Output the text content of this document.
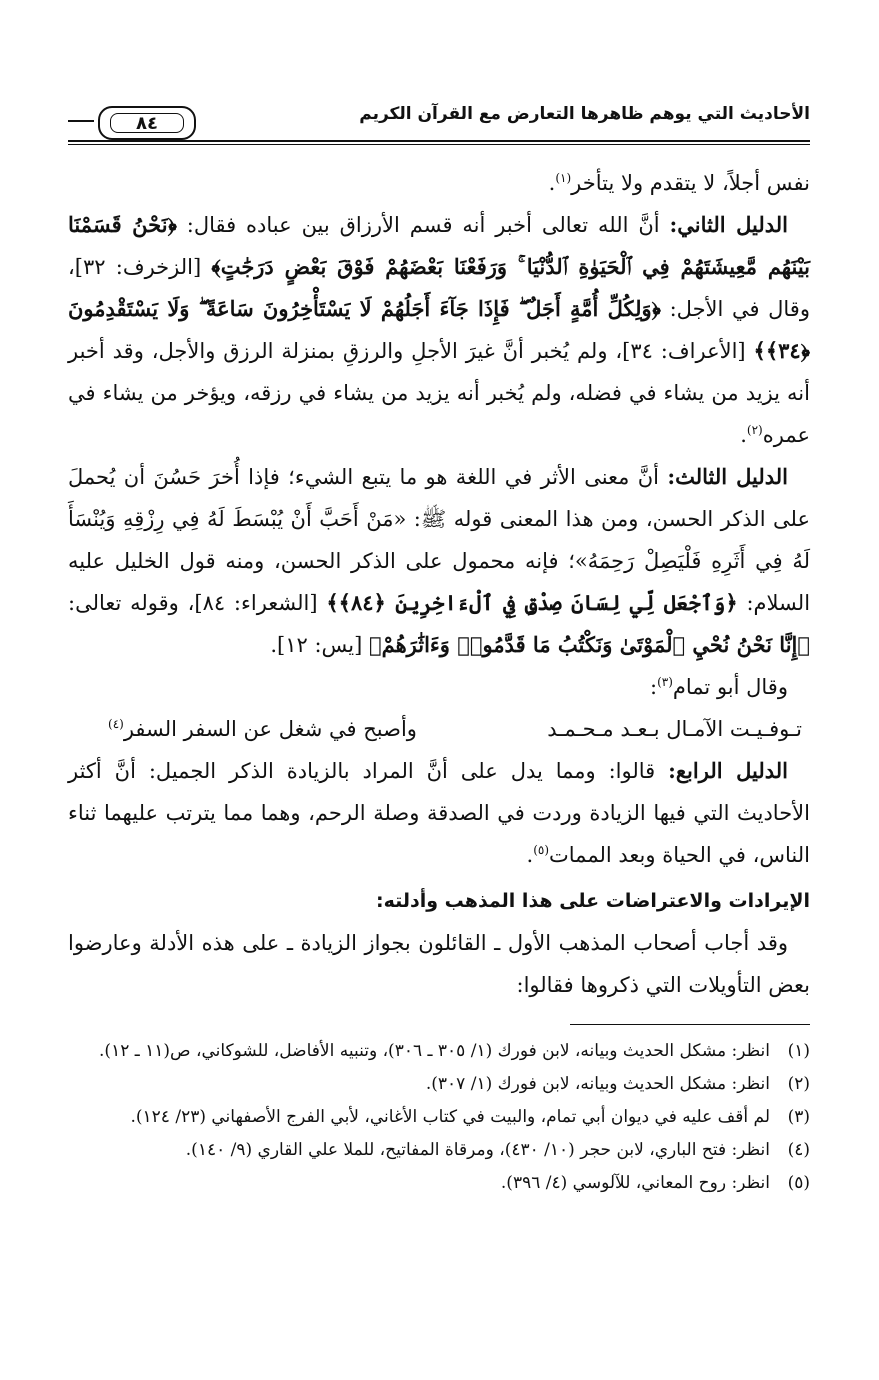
الأحاديث التي يوهم ظاهرها التعارض مع القرآن الكريم
٨٤

نفس أجلاً، لا يتقدم ولا يتأخر$^{(١)}$.

الدليل الثاني: أنَّ الله تعالى أخبر أنه قسم الأرزاق بين عباده فقال: ﴿نَحْنُ قَسَمْنَا بَيْنَهُم مَّعِيشَتَهُمْ فِي ٱلْحَيَوٰةِ ٱلدُّنْيَا ۚ وَرَفَعْنَا بَعْضَهُمْ فَوْقَ بَعْضٍ دَرَجَٰتٍ﴾ [الزخرف: ٣٢]، وقال في الأجل: ﴿وَلِكُلِّ أُمَّةٍ أَجَلٌ ۖ فَإِذَا جَآءَ أَجَلُهُمْ لَا يَسْتَأْخِرُونَ سَاعَةً ۖ وَلَا يَسْتَقْدِمُونَ ﴿٣٤﴾﴾ [الأعراف: ٣٤]، ولم يُخبر أنَّ غيرَ الأجلِ والرزقِ بمنزلة الرزق والأجل، وقد أخبر أنه يزيد من يشاء في فضله، ولم يُخبر أنه يزيد من يشاء في رزقه، ويؤخر من يشاء في عمره$^{(٢)}$.

الدليل الثالث: أنَّ معنى الأثر في اللغة هو ما يتبع الشيء؛ فإذا أُخرَ حَسُنَ أن يُحملَ على الذكر الحسن، ومن هذا المعنى قوله ﷺ: «مَنْ أَحَبَّ أَنْ يُبْسَطَ لَهُ فِي رِزْقِهِ وَيُنْسَأَ لَهُ فِي أَثَرِهِ فَلْيَصِلْ رَحِمَهُ»؛ فإنه محمول على الذكر الحسن، ومنه قول الخليل عليه السلام: ﴿وَٱجْعَل لِّي لِسَانَ صِدْقٍ فِي ٱلْءَاخِرِينَ ﴿٨٤﴾﴾ [الشعراء: ٨٤]، وقوله تعالى: ﴿إِنَّا نَحْنُ نُحْيِ ٱلْمَوْتَىٰ وَنَكْتُبُ مَا قَدَّمُوا۟ وَءَاثَٰرَهُمْ﴾ [يس: ١٢].

وقال أبو تمام$^{(٣)}$:

تـوفـيـت الآمـال بـعـد مـحـمـد
وأصبح في شغل عن السفر السفر$^{(٤)}$

الدليل الرابع: قالوا: ومما يدل على أنَّ المراد بالزيادة الذكر الجميل: أنَّ أكثر الأحاديث التي فيها الزيادة وردت في الصدقة وصلة الرحم، وهما مما يترتب عليهما ثناء الناس، في الحياة وبعد الممات$^{(٥)}$.

الإيرادات والاعتراضات على هذا المذهب وأدلته:

وقد أجاب أصحاب المذهب الأول ـ القائلون بجواز الزيادة ـ على هذه الأدلة وعارضوا بعض التأويلات التي ذكروها فقالوا:

(١)
انظر: مشكل الحديث وبيانه، لابن فورك (١/ ٣٠٥ ـ ٣٠٦)، وتنبيه الأفاضل، للشوكاني، ص(١١ ـ ١٢).
(٢)
انظر: مشكل الحديث وبيانه، لابن فورك (١/ ٣٠٧).
(٣)
لم أقف عليه في ديوان أبي تمام، والبيت في كتاب الأغاني، لأبي الفرج الأصفهاني (٢٣/ ١٢٤).
(٤)
انظر: فتح الباري، لابن حجر (١٠/ ٤٣٠)، ومرقاة المفاتيح، للملا علي القاري (٩/ ١٤٠).
(٥)
انظر: روح المعاني، للآلوسي (٤/ ٣٩٦).
